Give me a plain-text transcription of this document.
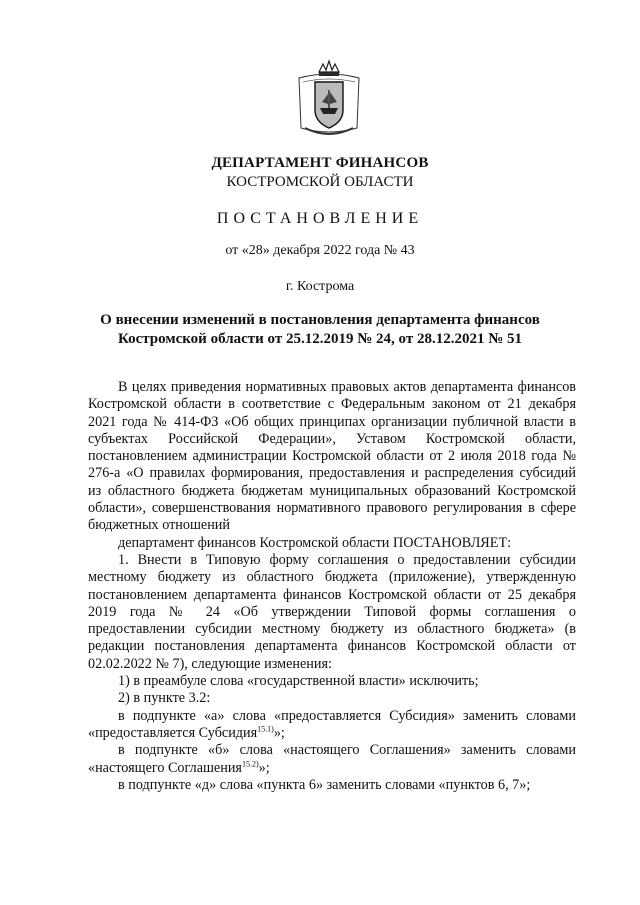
ДЕПАРТАМЕНТ ФИНАНСОВ
КОСТРОМСКОЙ ОБЛАСТИ
ПОСТАНОВЛЕНИЕ
от «28» декабря 2022 года № 43
г. Кострома
О внесении изменений в постановления департамента финансов
Костромской области от 25.12.2019 № 24, от 28.12.2021 № 51

В целях приведения нормативных правовых актов департамента финансов Костромской области в соответствие с Федеральным законом от 21 декабря 2021 года № 414-ФЗ «Об общих принципах организации публичной власти в субъектах Российской Федерации», Уставом Костромской области, постановлением администрации Костромской области от 2 июля 2018 года № 276-а «О правилах формирования, предоставления и распределения субсидий из областного бюджета бюджетам муниципальных образований Костромской области», совершенствования нормативного правового регулирования в сфере бюджетных отношений

департамент финансов Костромской области ПОСТАНОВЛЯЕТ:

1. Внести в Типовую форму соглашения о предоставлении субсидии местному бюджету из областного бюджета (приложение), утвержденную постановлением департамента финансов Костромской области от 25 декабря 2019 года № 24 «Об утверждении Типовой формы соглашения о предоставлении субсидии местному бюджету из областного бюджета» (в редакции постановления департамента финансов Костромской области от 02.02.2022 № 7), следующие изменения:

1) в преамбуле слова «государственной власти» исключить;

2) в пункте 3.2:

в подпункте «а» слова «предоставляется Субсидия» заменить словами «предоставляется Субсидия$^{15.1)}$»;

в подпункте «б» слова «настоящего Соглашения» заменить словами «настоящего Соглашения$^{15.2)}$»;

в подпункте «д» слова «пункта 6» заменить словами «пунктов 6, 7»;
